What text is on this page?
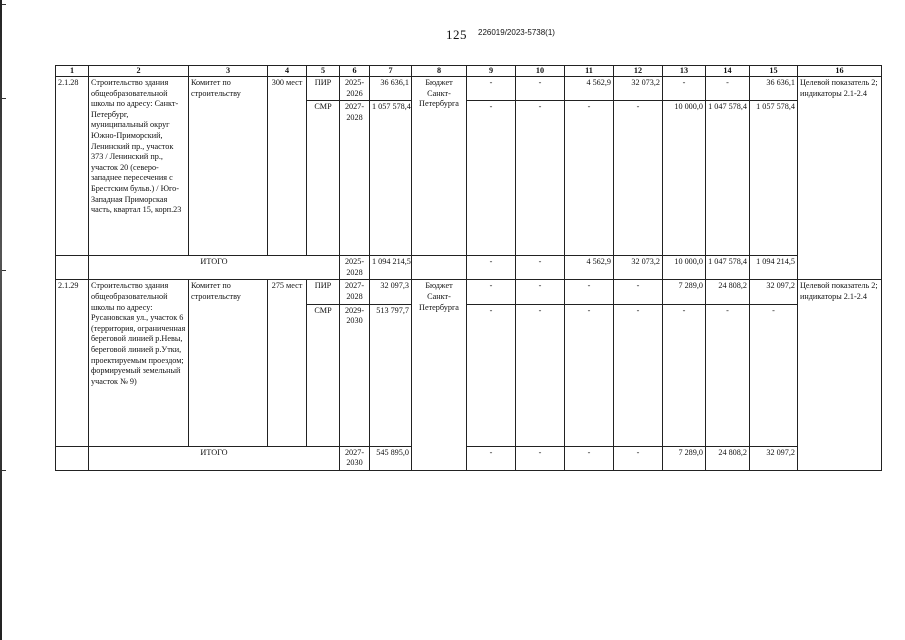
125 226019/2023-5738(1)
1	2	3	4	5	6	7	8	9	10	11	12	13	14	15	16
2.1.28	Строительство здания общеобразовательной школы по адресу: Санкт-Петербург, муниципальный округ Южно-Приморский, Ленинский пр., участок 373 / Ленинский пр., участок 20 (северо-западнее пересечения с Брестским бульв.) / Юго-Западная Приморская часть, квартал 15, корп.23	Комитет по строительству	300 мест	ПИР	2025-2026	36 636,1	Бюджет Санкт-Петербурга	-	-	4 562,9	32 073,2	-	-	36 636,1	Целевой показатель 2; индикаторы 2.1-2.4
				СМР	2027-2028	1 057 578,4		-	-	-	-	10 000,0	1 047 578,4	1 057 578,4	
	ИТОГО				2025-2028	1 094 214,5		-	-	4 562,9	32 073,2	10 000,0	1 047 578,4	1 094 214,5	
2.1.29	Строительство здания общеобразовательной школы по адресу: Русановская ул., участок 6 (территория, ограниченная береговой линией р.Невы, береговой линией р.Утки, проектируемым проездом; формируемый земельный участок № 9)	Комитет по строительству	275 мест	ПИР	2027-2028	32 097,3	Бюджет Санкт-Петербурга	-	-	-	-	7 289,0	24 808,2	32 097,2	Целевой показатель 2; индикаторы 2.1-2.4
				СМР	2029-2030	513 797,7		-	-	-	-	-	-	-	
	ИТОГО				2027-2030	545 895,0		-	-	-	-	7 289,0	24 808,2	32 097,2	
